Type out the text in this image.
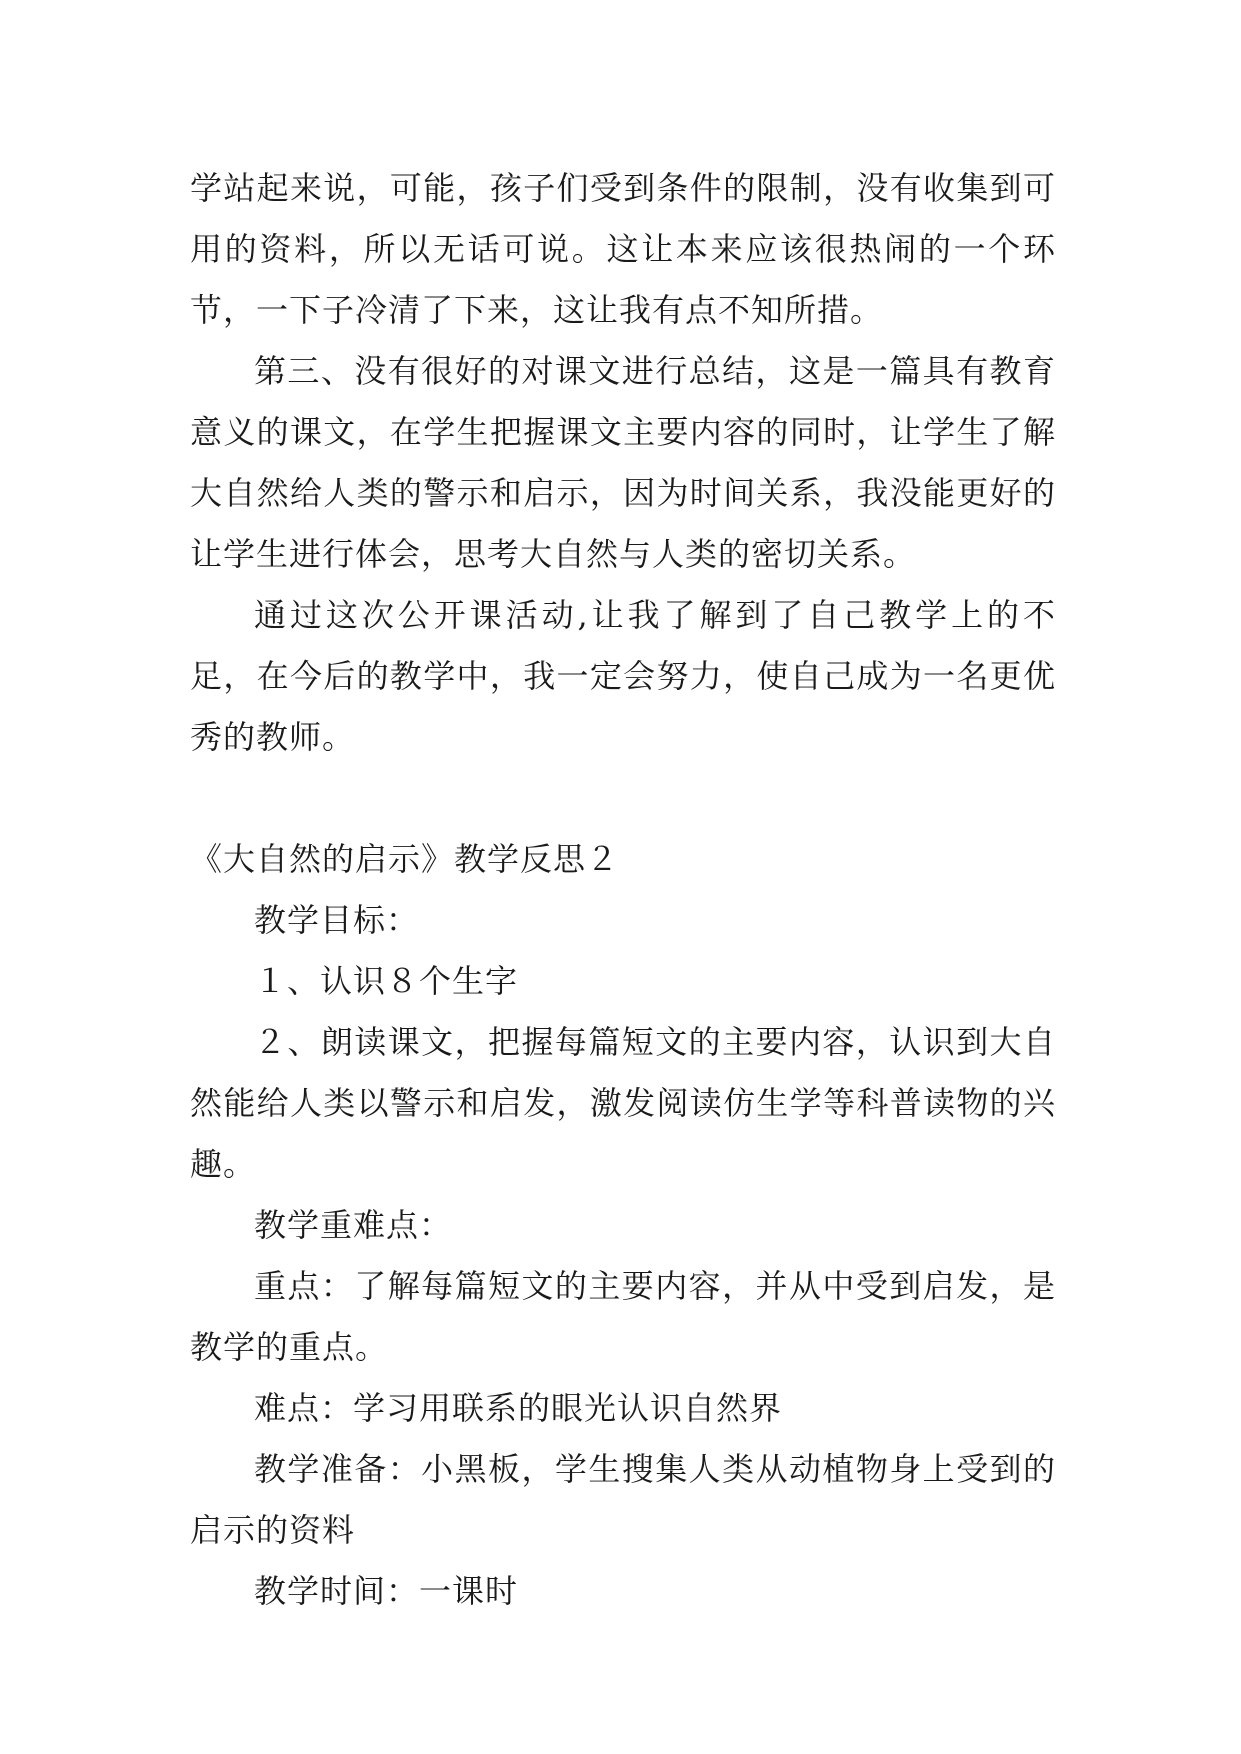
学站起来说，可能，孩子们受到条件的限制，没有收集到可用的资料，所以无话可说。这让本来应该很热闹的一个环节，一下子冷清了下来，这让我有点不知所措。

第三、没有很好的对课文进行总结，这是一篇具有教育意义的课文，在学生把握课文主要内容的同时，让学生了解大自然给人类的警示和启示，因为时间关系，我没能更好的让学生进行体会，思考大自然与人类的密切关系。

通过这次公开课活动,让我了解到了自己教学上的不足，在今后的教学中，我一定会努力，使自己成为一名更优秀的教师。

《大自然的启示》教学反思２

教学目标：

１、认识８个生字

２、朗读课文，把握每篇短文的主要内容，认识到大自然能给人类以警示和启发，激发阅读仿生学等科普读物的兴趣。

教学重难点：

重点：了解每篇短文的主要内容，并从中受到启发，是教学的重点。

难点：学习用联系的眼光认识自然界

教学准备：小黑板，学生搜集人类从动植物身上受到的启示的资料

教学时间：一课时
